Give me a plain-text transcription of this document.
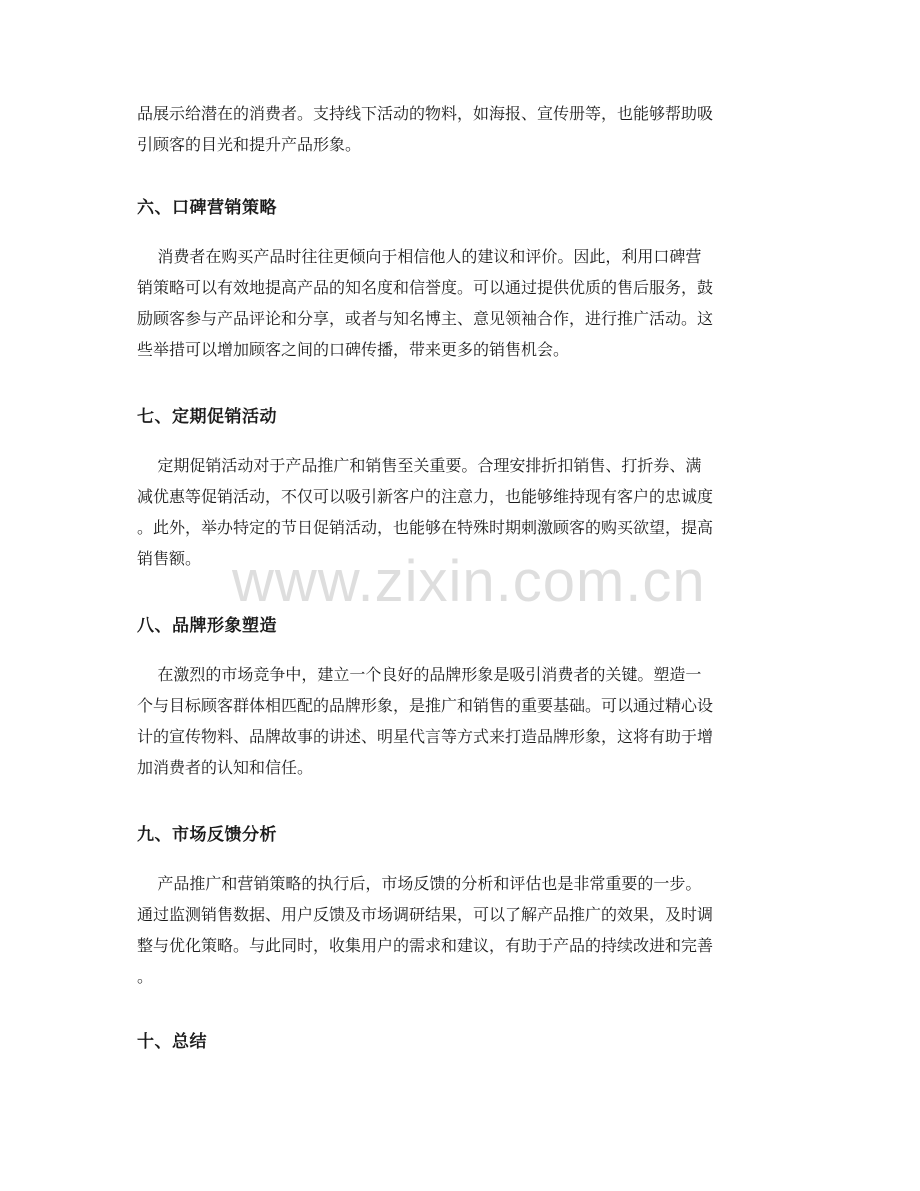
品展示给潜在的消费者。支持线下活动的物料，如海报、宣传册等，也能够帮助吸
引顾客的目光和提升产品形象。

六、口碑营销策略

消费者在购买产品时往往更倾向于相信他人的建议和评价。因此，利用口碑营
销策略可以有效地提高产品的知名度和信誉度。可以通过提供优质的售后服务，鼓
励顾客参与产品评论和分享，或者与知名博主、意见领袖合作，进行推广活动。这
些举措可以增加顾客之间的口碑传播，带来更多的销售机会。

七、定期促销活动

定期促销活动对于产品推广和销售至关重要。合理安排折扣销售、打折券、满
减优惠等促销活动，不仅可以吸引新客户的注意力，也能够维持现有客户的忠诚度
。此外，举办特定的节日促销活动，也能够在特殊时期刺激顾客的购买欲望，提高
销售额。

八、品牌形象塑造

在激烈的市场竞争中，建立一个良好的品牌形象是吸引消费者的关键。塑造一
个与目标顾客群体相匹配的品牌形象，是推广和销售的重要基础。可以通过精心设
计的宣传物料、品牌故事的讲述、明星代言等方式来打造品牌形象，这将有助于增
加消费者的认知和信任。

九、市场反馈分析

产品推广和营销策略的执行后，市场反馈的分析和评估也是非常重要的一步。
通过监测销售数据、用户反馈及市场调研结果，可以了解产品推广的效果，及时调
整与优化策略。与此同时，收集用户的需求和建议，有助于产品的持续改进和完善
。

十、总结
www.zixin.com.cn
